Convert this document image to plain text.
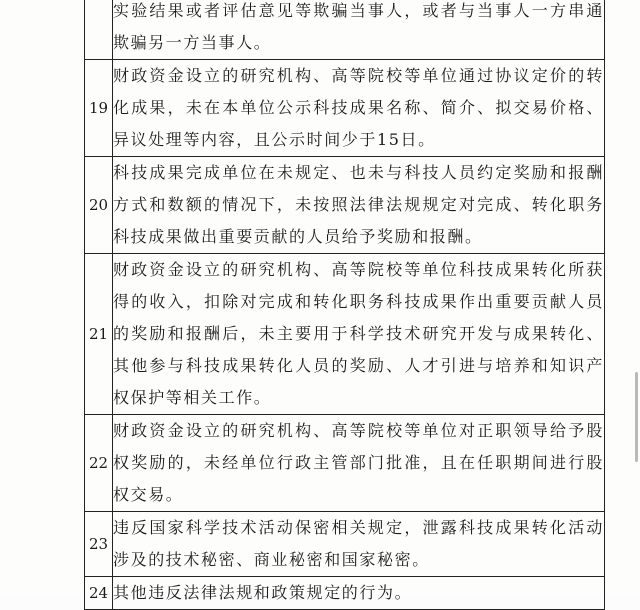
	实验结果或者评估意见等欺骗当事人，或者与当事人一方串通欺骗另一方当事人。
19	财政资金设立的研究机构、高等院校等单位通过协议定价的转化成果，未在本单位公示科技成果名称、简介、拟交易价格、异议处理等内容，且公示时间少于15日。
20	科技成果完成单位在未规定、也未与科技人员约定奖励和报酬方式和数额的情况下，未按照法律法规规定对完成、转化职务科技成果做出重要贡献的人员给予奖励和报酬。
21	财政资金设立的研究机构、高等院校等单位科技成果转化所获得的收入，扣除对完成和转化职务科技成果作出重要贡献人员的奖励和报酬后，未主要用于科学技术研究开发与成果转化、其他参与科技成果转化人员的奖励、人才引进与培养和知识产权保护等相关工作。
22	财政资金设立的研究机构、高等院校等单位对正职领导给予股权奖励的，未经单位行政主管部门批准，且在任职期间进行股权交易。
23	违反国家科学技术活动保密相关规定，泄露科技成果转化活动涉及的技术秘密、商业秘密和国家秘密。
24	其他违反法律法规和政策规定的行为。
